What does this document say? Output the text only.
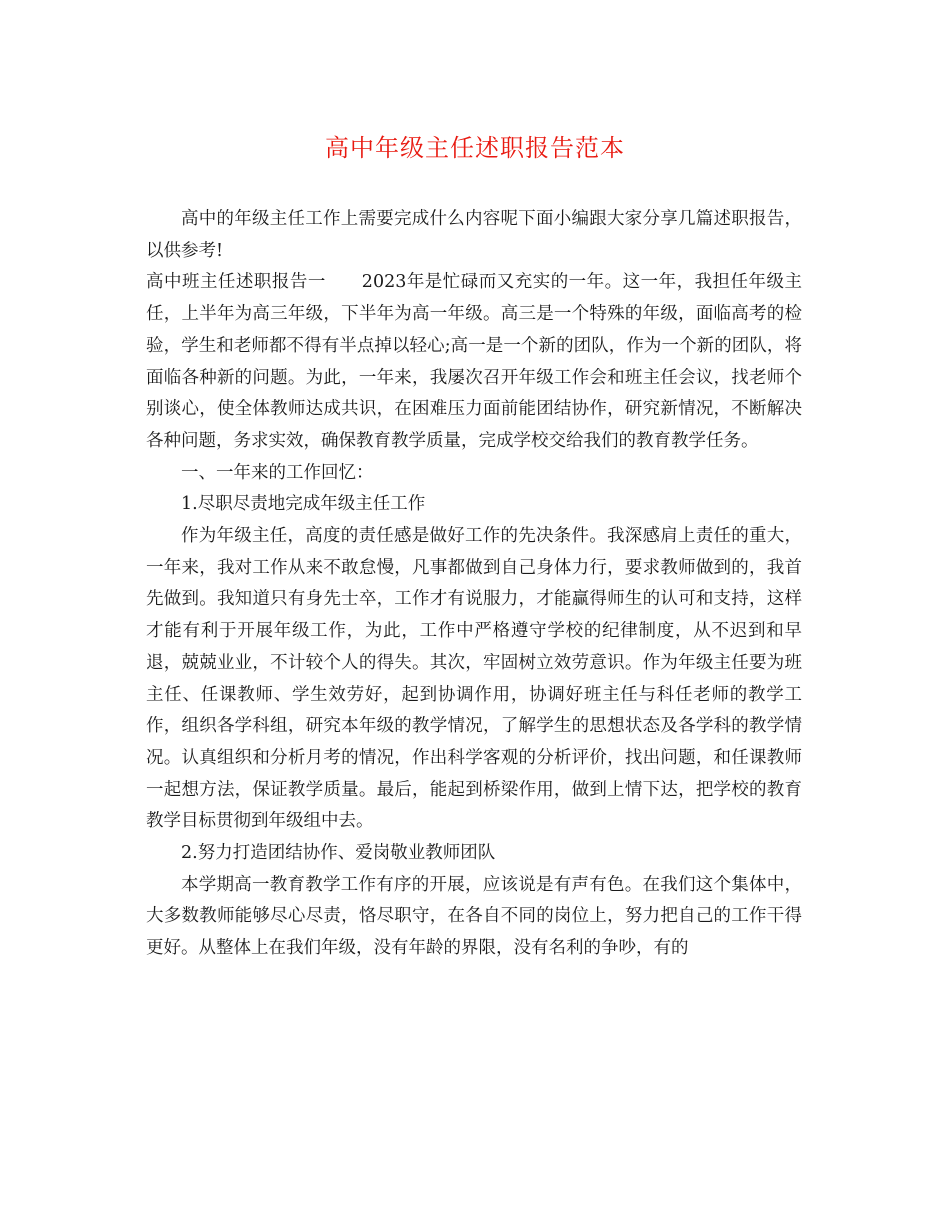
高中年级主任述职报告范本

高中的年级主任工作上需要完成什么内容呢下面小编跟大家分享几篇述职报告，以供参考!

高中班主任述职报告一　　2023年是忙碌而又充实的一年。这一年，我担任年级主任，上半年为高三年级，下半年为高一年级。高三是一个特殊的年级，面临高考的检验，学生和老师都不得有半点掉以轻心;高一是一个新的团队，作为一个新的团队，将面临各种新的问题。为此，一年来，我屡次召开年级工作会和班主任会议，找老师个别谈心，使全体教师达成共识，在困难压力面前能团结协作，研究新情况，不断解决各种问题，务求实效，确保教育教学质量，完成学校交给我们的教育教学任务。

一、一年来的工作回忆：

1.尽职尽责地完成年级主任工作

作为年级主任，高度的责任感是做好工作的先决条件。我深感肩上责任的重大，一年来，我对工作从来不敢怠慢，凡事都做到自己身体力行，要求教师做到的，我首先做到。我知道只有身先士卒，工作才有说服力，才能赢得师生的认可和支持，这样才能有利于开展年级工作，为此，工作中严格遵守学校的纪律制度，从不迟到和早退，兢兢业业，不计较个人的得失。其次，牢固树立效劳意识。作为年级主任要为班主任、任课教师、学生效劳好，起到协调作用，协调好班主任与科任老师的教学工作，组织各学科组，研究本年级的教学情况，了解学生的思想状态及各学科的教学情况。认真组织和分析月考的情况，作出科学客观的分析评价，找出问题，和任课教师一起想方法，保证教学质量。最后，能起到桥梁作用，做到上情下达，把学校的教育教学目标贯彻到年级组中去。

2.努力打造团结协作、爱岗敬业教师团队

本学期高一教育教学工作有序的开展，应该说是有声有色。在我们这个集体中，大多数教师能够尽心尽责，恪尽职守，在各自不同的岗位上，努力把自己的工作干得更好。从整体上在我们年级，没有年龄的界限，没有名利的争吵，有的
